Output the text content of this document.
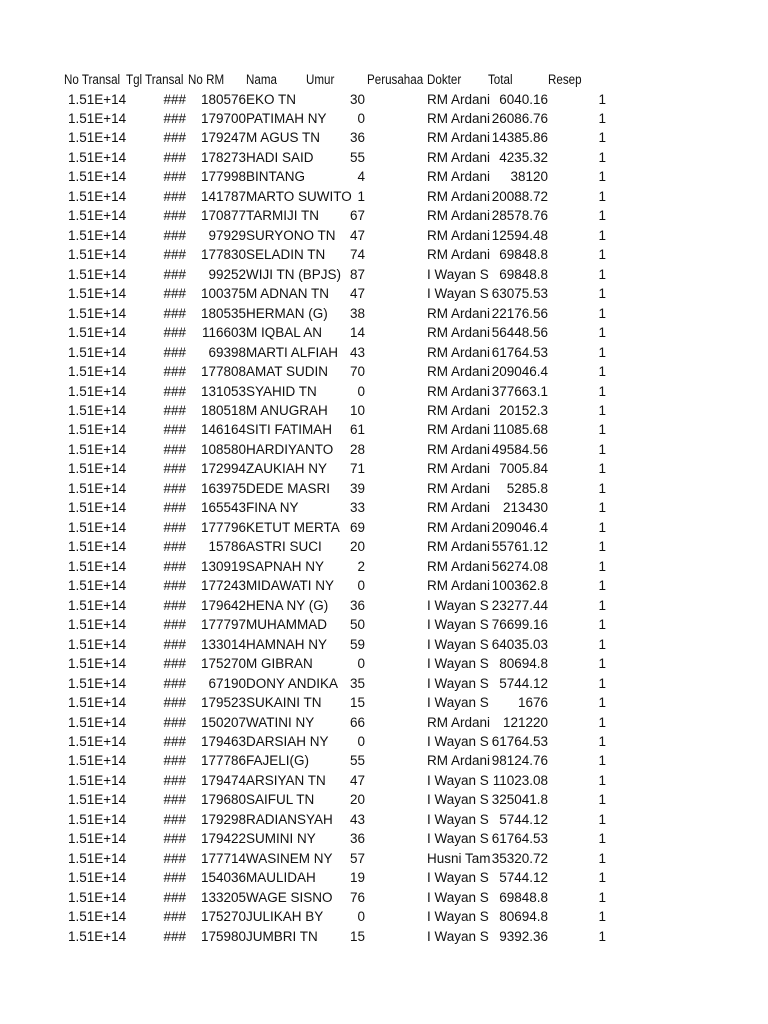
No Transal Tgl Transal No RM	Nama	Umur	Perusahaa Dokter	Total	Resep
1.51E+14	###	180576 EKO TN	30	RM Ardani 6040.16	1
1.51E+14	###	179700 PATIMAH NY	0	RM Ardani 26086.76	1
1.51E+14	###	179247 M AGUS TN	36	RM Ardani 14385.86	1
1.51E+14	###	178273 HADI SAID	55	RM Ardani 4235.32	1
1.51E+14	###	177998 BINTANG	4	RM Ardani	38120	1
1.51E+14	###	141787 MARTO SUWITO 1	RM Ardani 20088.72	1
1.51E+14	###	170877 TARMIJI TN	67	RM Ardani 28578.76	1
1.51E+14	###	97929 SURYONO TN	47	RM Ardani 12594.48	1
1.51E+14	###	177830 SELADIN TN	74	RM Ardani 69848.8	1
1.51E+14	###	99252 WIJI TN (BPJS) 87	I Wayan S 69848.8	1
1.51E+14	###	100375 M ADNAN TN	47	I Wayan S 63075.53	1
1.51E+14	###	180535 HERMAN (G)	38	RM Ardani 22176.56	1
1.51E+14	###	116603 M IQBAL AN	14	RM Ardani 56448.56	1
1.51E+14	###	69398 MARTI ALFIAH 43	RM Ardani 61764.53	1
1.51E+14	###	177808 AMAT SUDIN	70	RM Ardani 209046.4	1
1.51E+14	###	131053 SYAHID TN	0	RM Ardani 377663.1	1
1.51E+14	###	180518 M ANUGRAH	10	RM Ardani 20152.3	1
1.51E+14	###	146164 SITI FATIMAH	61	RM Ardani 11085.68	1
1.51E+14	###	108580 HARDIYANTO	28	RM Ardani 49584.56	1
1.51E+14	###	172994 ZAUKIAH NY	71	RM Ardani 7005.84	1
1.51E+14	###	163975 DEDE MASRI	39	RM Ardani	5285.8	1
1.51E+14	###	165543 FINA NY	33	RM Ardani 213430	1
1.51E+14	###	177796 KETUT MERTA 69	RM Ardani 209046.4	1
1.51E+14	###	15786 ASTRI SUCI	20	RM Ardani 55761.12	1
1.51E+14	###	130919 SAPNAH NY	2	RM Ardani 56274.08	1
1.51E+14	###	177243 MIDAWATI NY	0	RM Ardani 100362.8	1
1.51E+14	###	179642 HENA NY (G)	36	I Wayan S 23277.44	1
1.51E+14	###	177797 MUHAMMAD	50	I Wayan S 76699.16	1
1.51E+14	###	133014 HAMNAH NY	59	I Wayan S 64035.03	1
1.51E+14	###	175270 M GIBRAN	0	I Wayan S 80694.8	1
1.51E+14	###	67190 DONY ANDIKA 35	I Wayan S 5744.12	1
1.51E+14	###	179523 SUKAINI TN	15	I Wayan S	1676	1
1.51E+14	###	150207 WATINI NY	66	RM Ardani 121220	1
1.51E+14	###	179463 DARSIAH NY	0	I Wayan S 61764.53	1
1.51E+14	###	177786 FAJELI(G)	55	RM Ardani 98124.76	1
1.51E+14	###	179474 ARSIYAN TN	47	I Wayan S 11023.08	1
1.51E+14	###	179680 SAIFUL TN	20	I Wayan S 325041.8	1
1.51E+14	###	179298 RADIANSYAH	43	I Wayan S 5744.12	1
1.51E+14	###	179422 SUMINI NY	36	I Wayan S 61764.53	1
1.51E+14	###	177714 WASINEM NY	57	Husni Tam 35320.72	1
1.51E+14	###	154036 MAULIDAH	19	I Wayan S 5744.12	1
1.51E+14	###	133205 WAGE SISNO	76	I Wayan S 69848.8	1
1.51E+14	###	175270 JULIKAH BY	0	I Wayan S 80694.8	1
1.51E+14	###	175980 JUMBRI TN	15	I Wayan S 9392.36	1
